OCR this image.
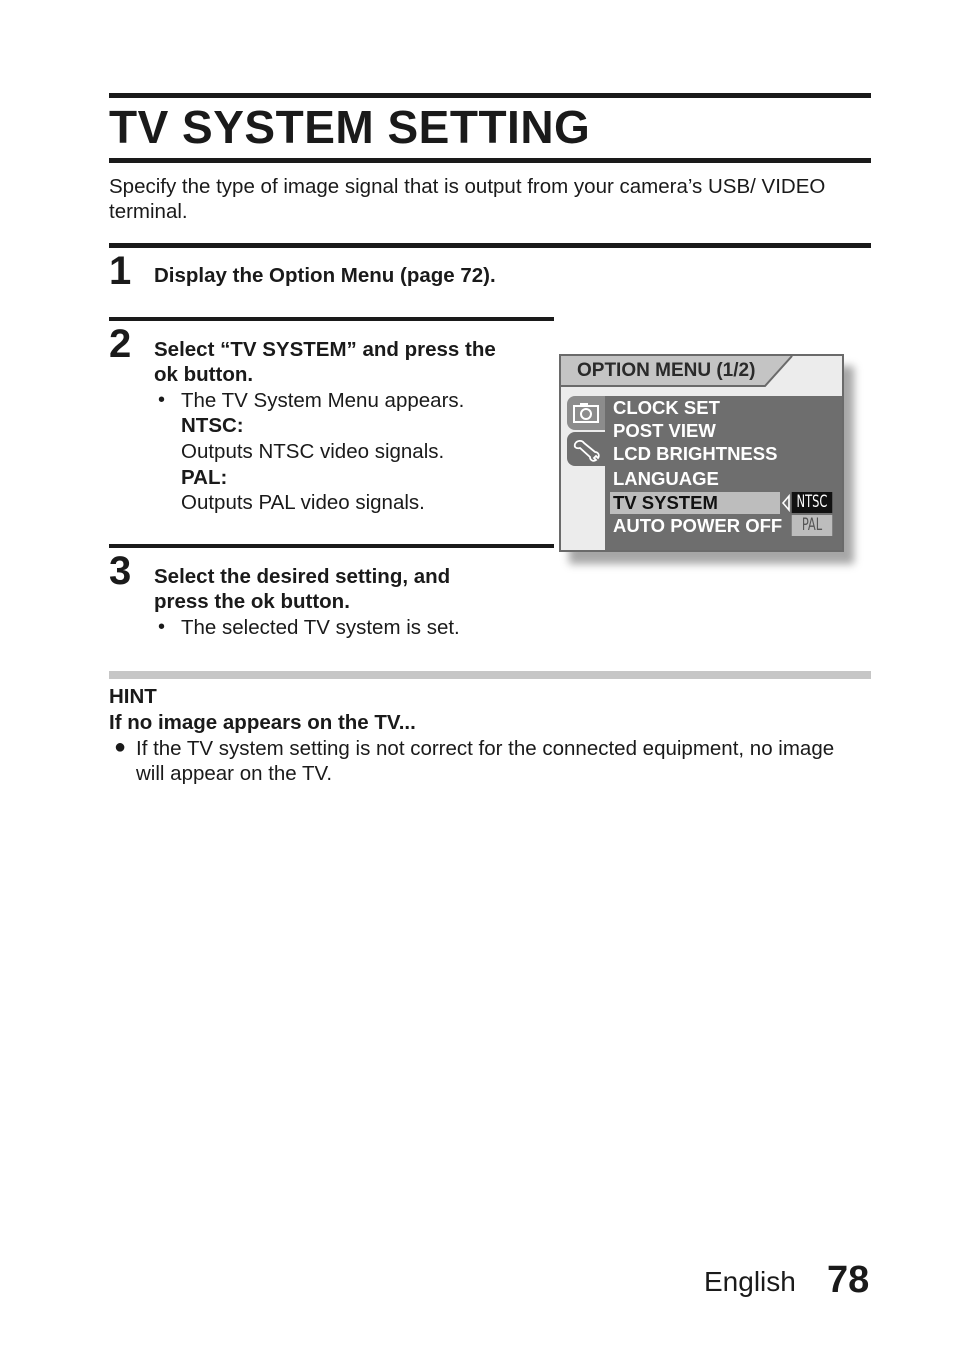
TV SYSTEM SETTING
Specify the type of image signal that is output from your camera’s USB/ VIDEO terminal.
1 Display the Option Menu (page 72).
2 Select “TV SYSTEM” and press the
ok button.
• The TV System Menu appears.
NTSC:
Outputs NTSC video signals.
PAL:
Outputs PAL video signals.
3 Select the desired setting, and
press the ok button.
• The selected TV system is set.
OPTION MENU (1/2)
CLOCK SET
POST VIEW
LCD BRIGHTNESS
LANGUAGE
TV SYSTEM
AUTO POWER OFF
NTSC
PAL
HINT
If no image appears on the TV...
● If the TV system setting is not correct for the connected equipment, no image will appear on the TV.
English 78
